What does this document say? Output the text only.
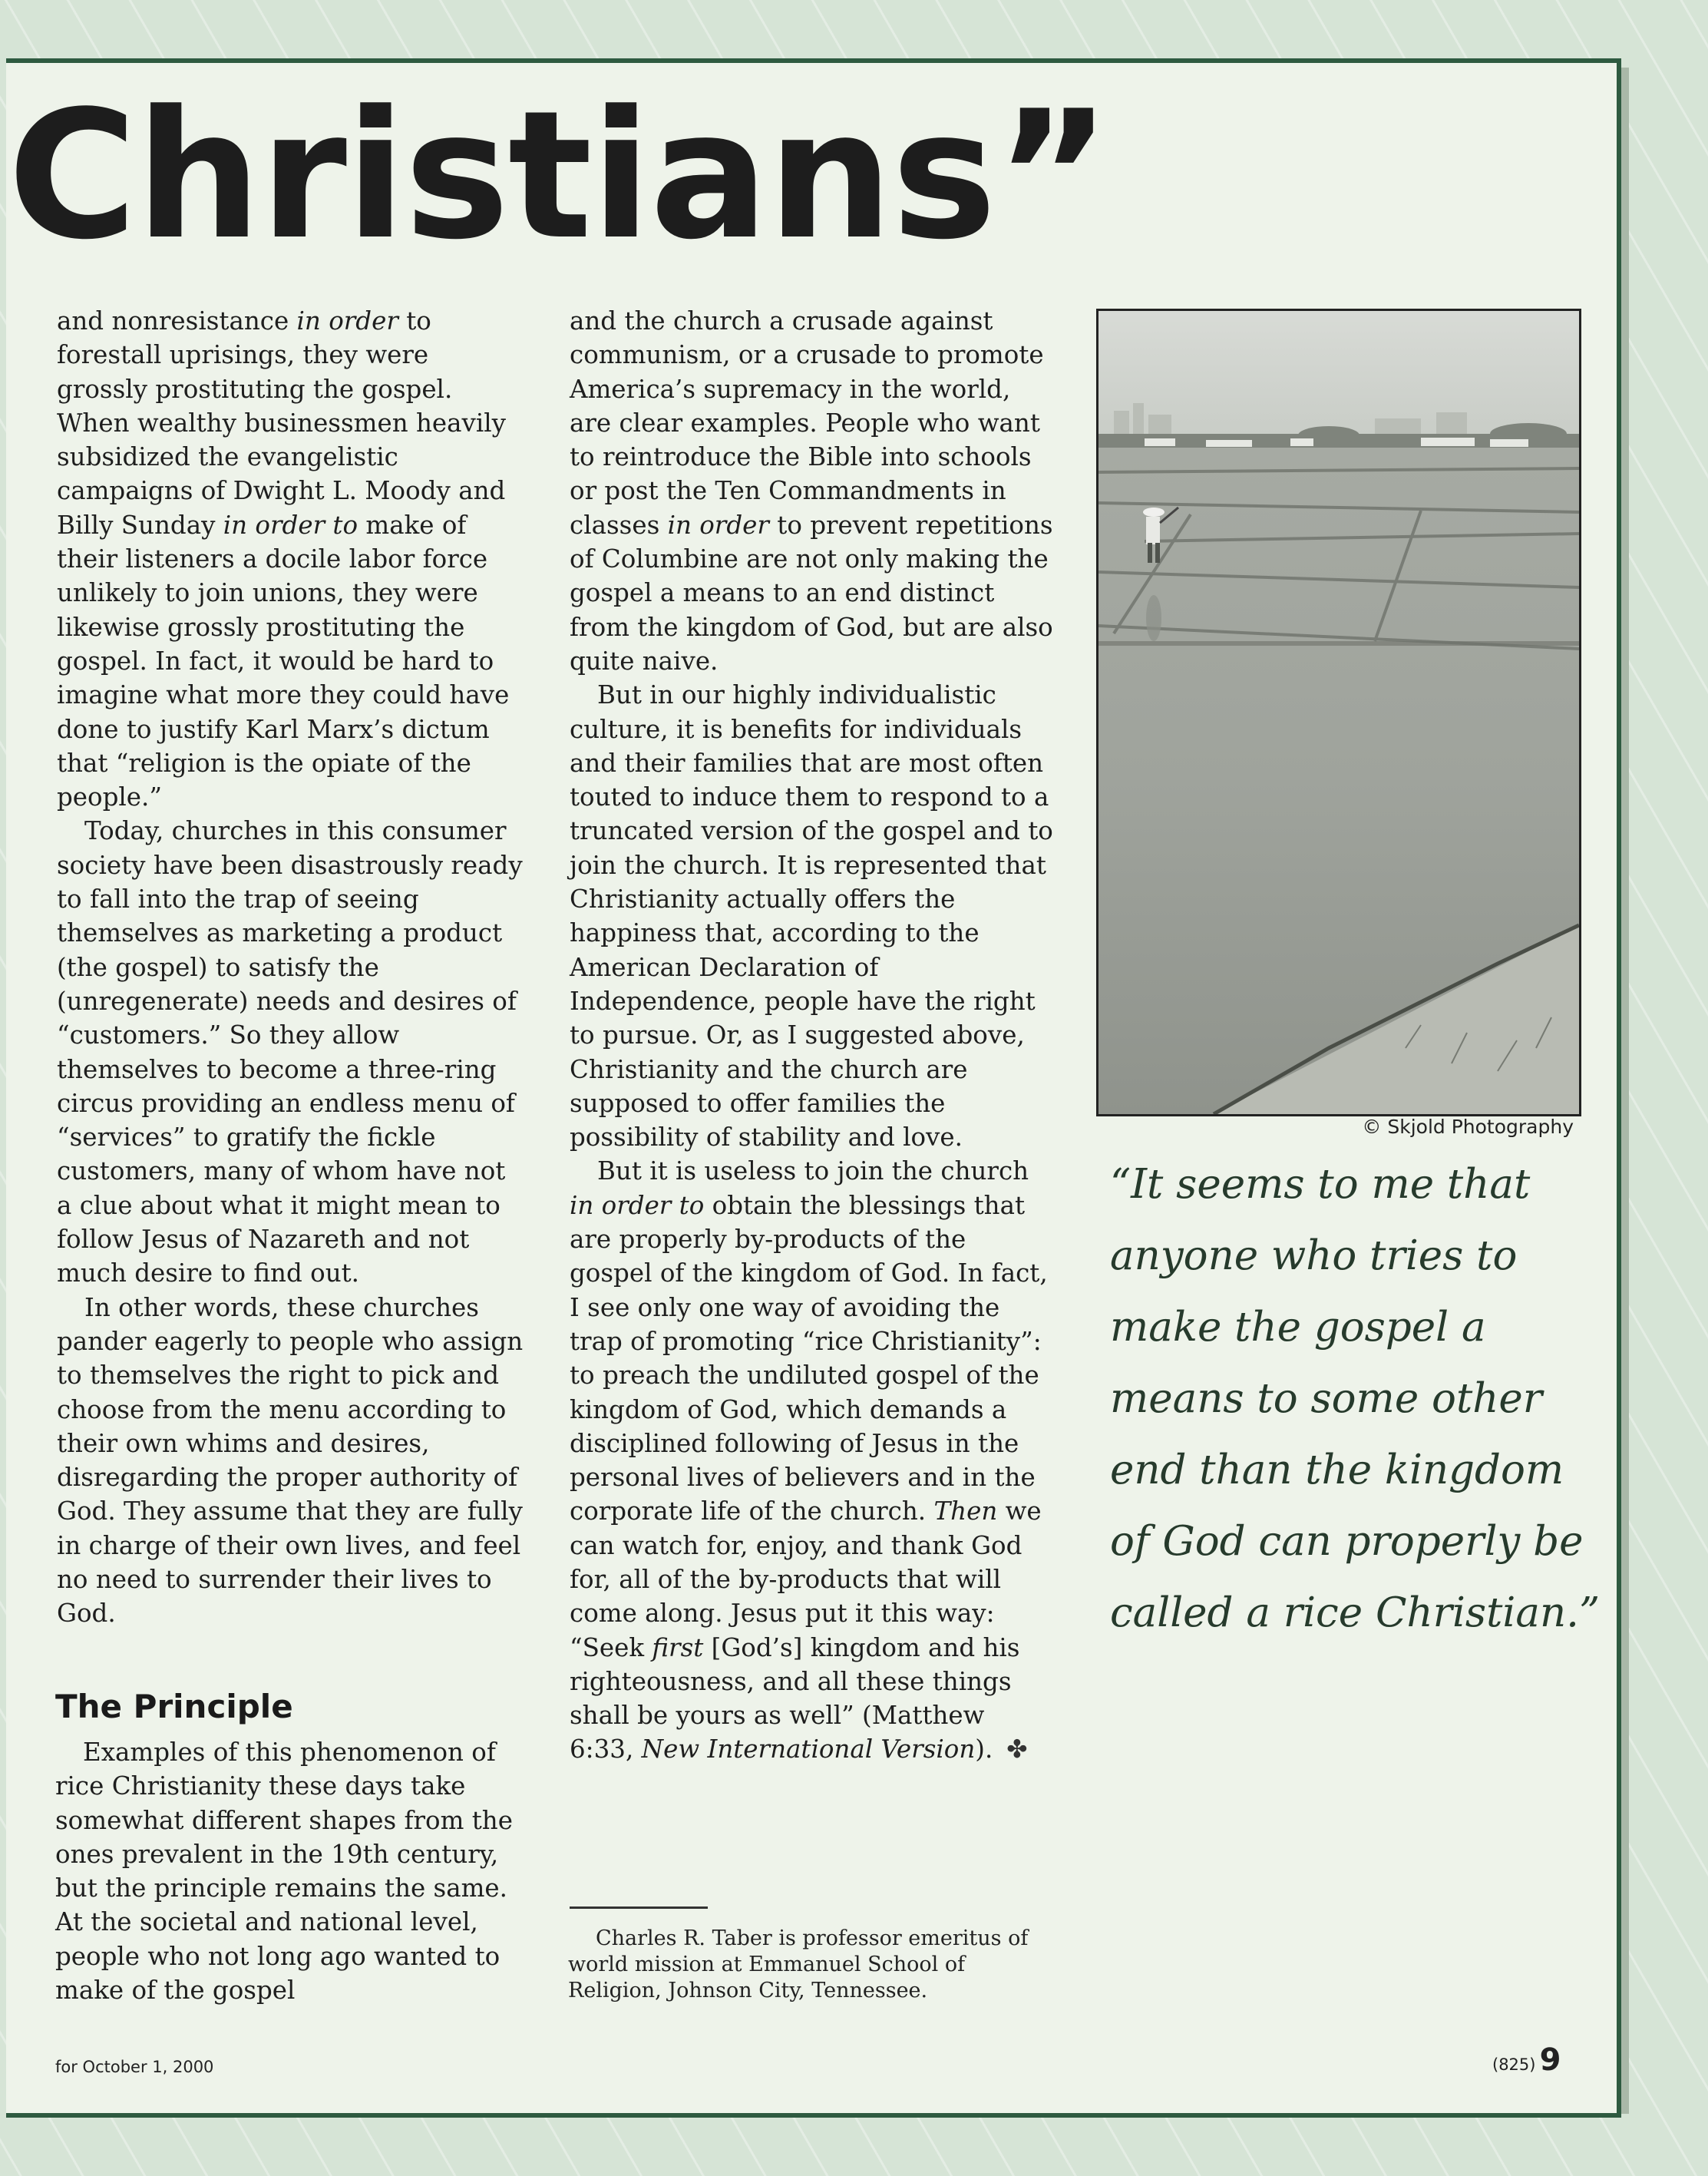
Christians”

and nonresistance in order to forestall uprisings, they were grossly prostituting the gospel. When wealthy businessmen heavily subsidized the evangelistic campaigns of Dwight L. Moody and Billy Sunday in order to make of their listeners a docile labor force unlikely to join unions, they were likewise grossly prostituting the gospel. In fact, it would be hard to imagine what more they could have done to justify Karl Marx’s dictum that “religion is the opiate of the people.”

Today, churches in this consumer society have been disastrously ready to fall into the trap of seeing themselves as marketing a product (the gospel) to satisfy the (unregenerate) needs and desires of “customers.” So they allow themselves to become a three-ring circus providing an endless menu of “services” to gratify the fickle customers, many of whom have not a clue about what it might mean to follow Jesus of Nazareth and not much desire to find out.

In other words, these churches pander eagerly to people who assign to themselves the right to pick and choose from the menu according to their own whims and desires, disregarding the proper authority of God. They assume that they are fully in charge of their own lives, and feel no need to surrender their lives to God.

The Principle

Examples of this phenomenon of rice Christianity these days take somewhat different shapes from the ones prevalent in the 19th century, but the principle remains the same. At the societal and national level, people who not long ago wanted to make of the gospel

and the church a crusade against communism, or a crusade to promote America’s supremacy in the world, are clear examples. People who want to reintroduce the Bible into schools or post the Ten Commandments in classes in order to prevent repetitions of Columbine are not only making the gospel a means to an end distinct from the kingdom of God, but are also quite naive.

But in our highly individualistic culture, it is benefits for individuals and their families that are most often touted to induce them to respond to a truncated version of the gospel and to join the church. It is represented that Christianity actually offers the happiness that, according to the American Declaration of Independence, people have the right to pursue. Or, as I suggested above, Christianity and the church are supposed to offer families the possibility of stability and love.

But it is useless to join the church in order to obtain the blessings that are properly by-products of the gospel of the kingdom of God. In fact, I see only one way of avoiding the trap of promoting “rice Christianity”: to preach the undiluted gospel of the kingdom of God, which demands a disciplined following of Jesus in the personal lives of believers and in the corporate life of the church. Then we can watch for, enjoy, and thank God for, all of the by-products that will come along. Jesus put it this way: “Seek first [God’s] kingdom and his righteousness, and all these things shall be yours as well” (Matthew 6:33, New International Version). ✤

Charles R. Taber is professor emeritus of world mission at Emmanuel School of Religion, Johnson City, Tennessee.
© Skjold Photography

“It seems to me that anyone who tries to make the gospel a means to some other end than the kingdom of God can properly be called a rice Christian.”

for October 1, 2000	(825) 9
